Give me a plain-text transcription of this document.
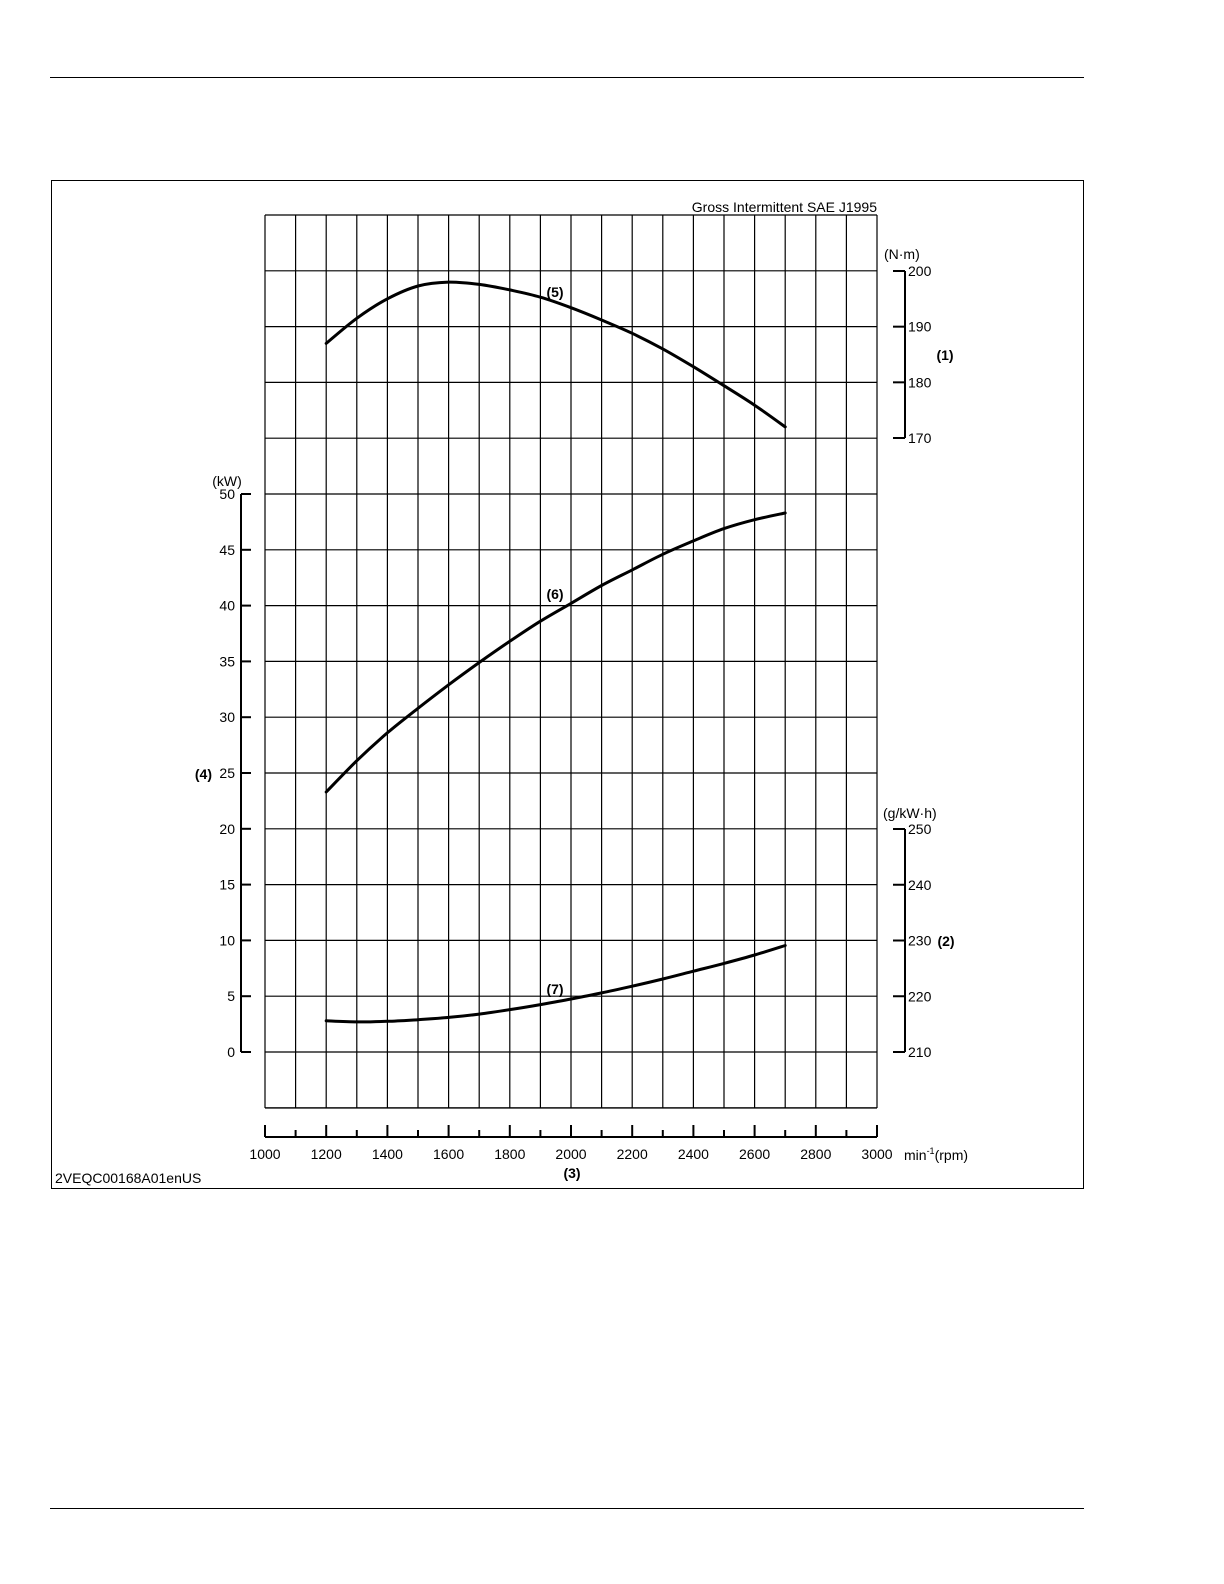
1000 1200 1400 1600 1800 2000 2200 2400 2600 2800 3000
0
5
10
15
20
25
30
35
40
45
50
170
180
190
200
210
220
230
240
250
(5)
(6)
(7)
Gross Intermittent SAE J1995
2VEQC00168A01enUS	(3)
$\min^{-1}(rpm)$
(kW)
(4)
(N·m)
(1)
(g/kW·h)
(2)
